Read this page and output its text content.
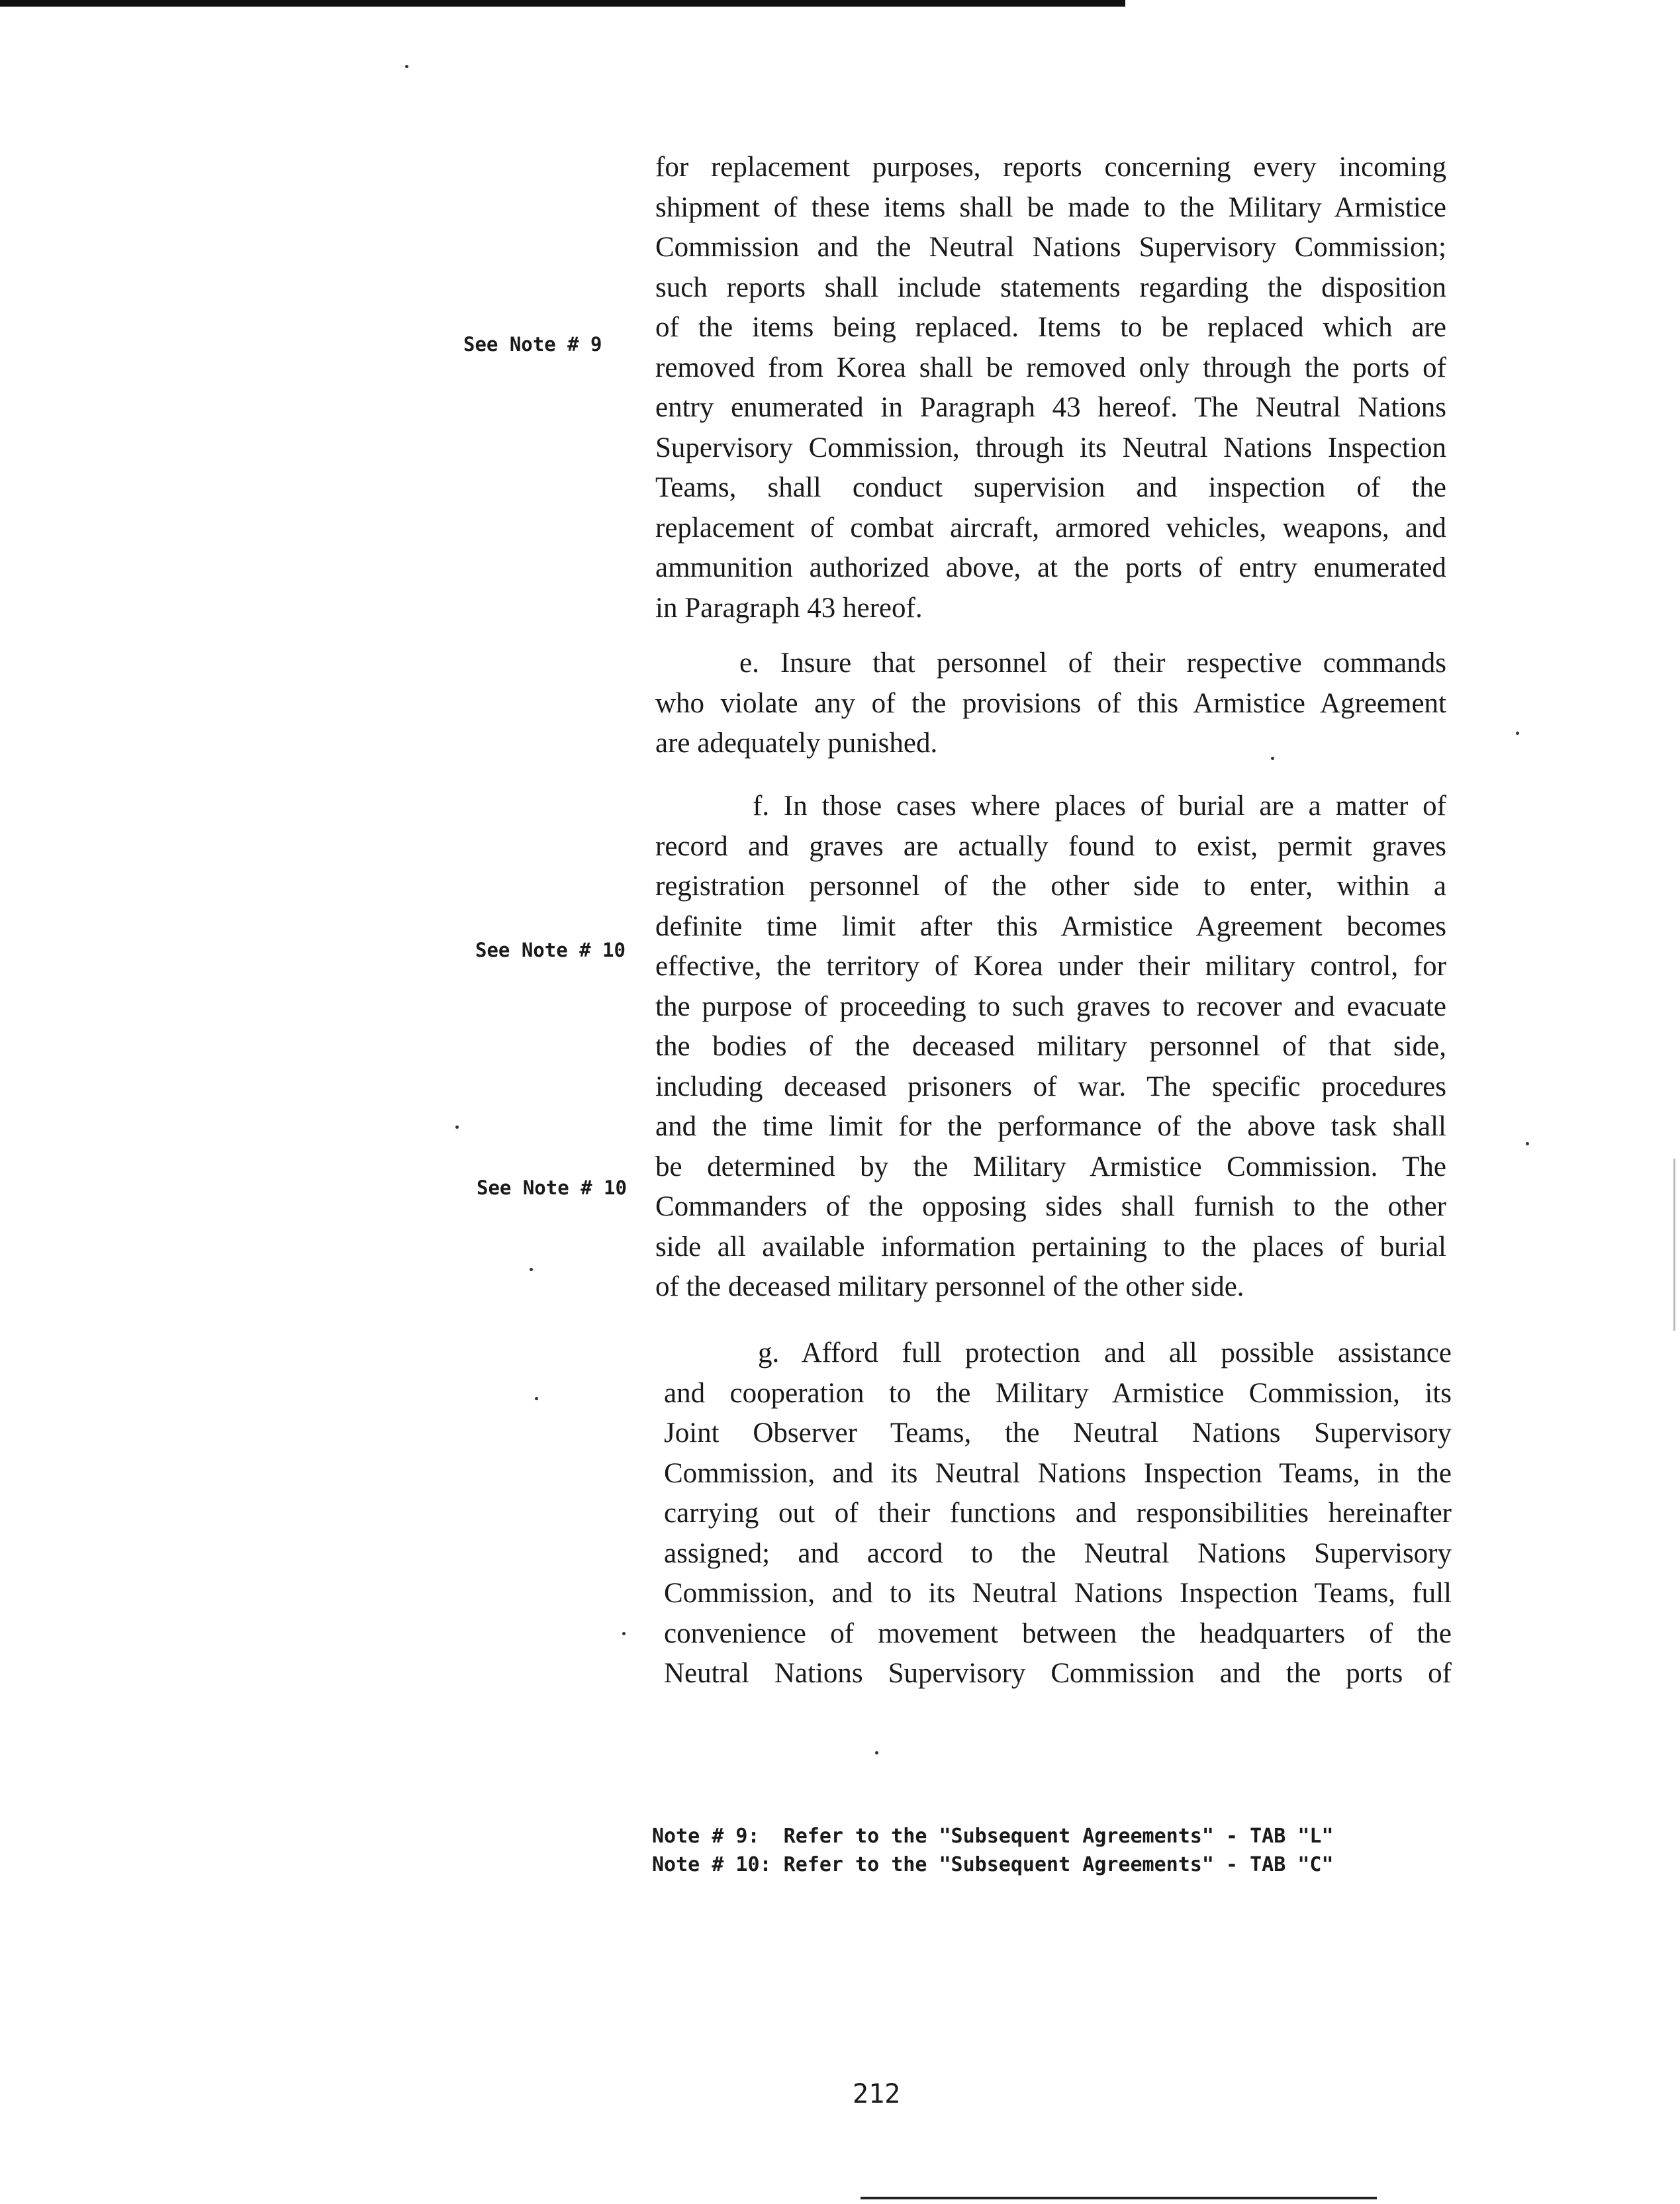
See Note # 9
See Note # 10
See Note # 10
for replacement purposes, reports concerning every incoming
shipment of these items shall be made to the Military Armistice
Commission and the Neutral Nations Supervisory Commission;
such reports shall include statements regarding the disposition
of the items being replaced. Items to be replaced which are
removed from Korea shall be removed only through the ports of
entry enumerated in Paragraph 43 hereof. The Neutral Nations
Supervisory Commission, through its Neutral Nations Inspection
Teams, shall conduct supervision and inspection of the
replacement of combat aircraft, armored vehicles, weapons, and
ammunition authorized above, at the ports of entry enumerated
in Paragraph 43 hereof.
e. Insure that personnel of their respective commands
who violate any of the provisions of this Armistice Agreement
are adequately punished.
f. In those cases where places of burial are a matter of
record and graves are actually found to exist, permit graves
registration personnel of the other side to enter, within a
definite time limit after this Armistice Agreement becomes
effective, the territory of Korea under their military control, for
the purpose of proceeding to such graves to recover and evacuate
the bodies of the deceased military personnel of that side,
including deceased prisoners of war. The specific procedures
and the time limit for the performance of the above task shall
be determined by the Military Armistice Commission. The
Commanders of the opposing sides shall furnish to the other
side all available information pertaining to the places of burial
of the deceased military personnel of the other side.
g. Afford full protection and all possible assistance
and cooperation to the Military Armistice Commission, its
Joint Observer Teams, the Neutral Nations Supervisory
Commission, and its Neutral Nations Inspection Teams, in the
carrying out of their functions and responsibilities hereinafter
assigned; and accord to the Neutral Nations Supervisory
Commission, and to its Neutral Nations Inspection Teams, full
convenience of movement between the headquarters of the
Neutral Nations Supervisory Commission and the ports of
Note # 9:  Refer to the "Subsequent Agreements" - TAB "L"
Note # 10: Refer to the "Subsequent Agreements" - TAB "C"
212
